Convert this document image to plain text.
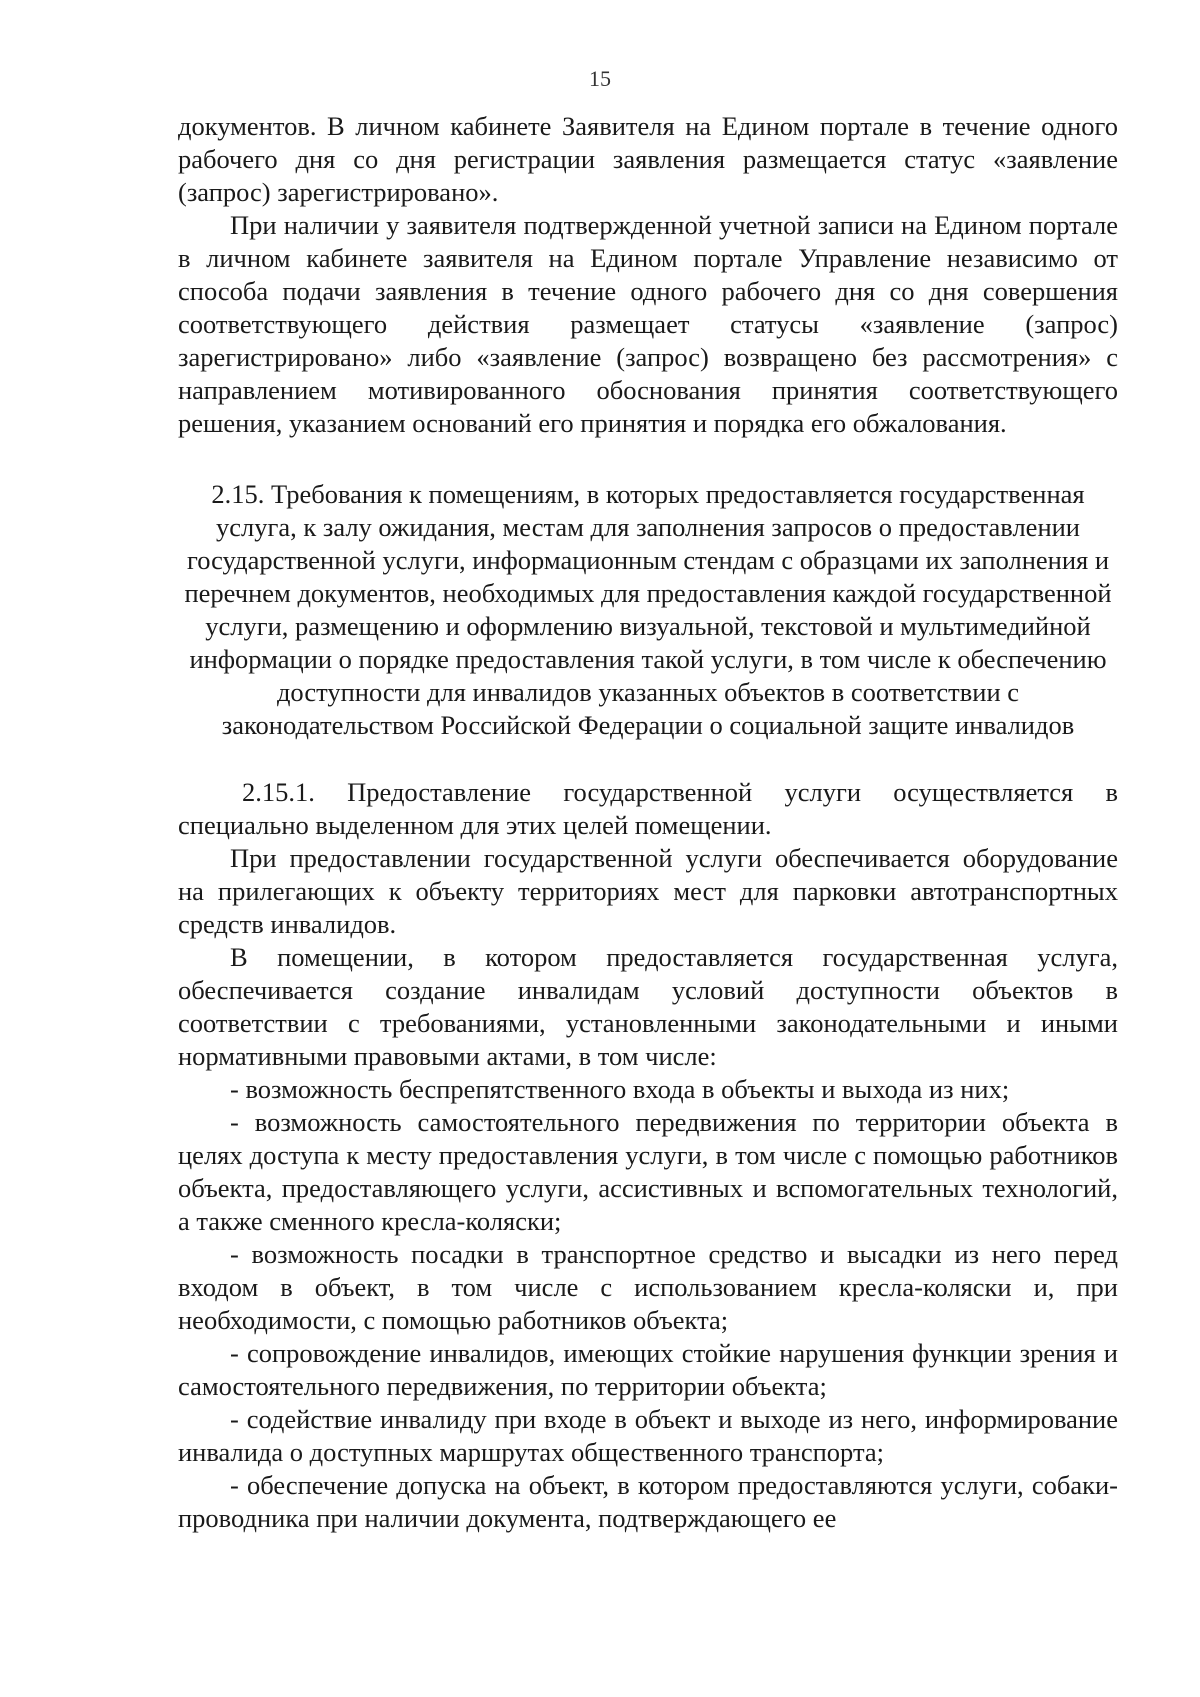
15

документов. В личном кабинете Заявителя на Едином портале в течение одного рабочего дня со дня регистрации заявления размещается статус «заявление (запрос) зарегистрировано».

При наличии у заявителя подтвержденной учетной записи на Едином портале в личном кабинете заявителя на Едином портале Управление независимо от способа подачи заявления в течение одного рабочего дня со дня совершения соответствующего действия размещает статусы «заявление (запрос) зарегистрировано» либо «заявление (запрос) возвращено без рассмотрения» с направлением мотивированного обоснования принятия соответствующего решения, указанием оснований его принятия и порядка его обжалования.

2.15. Требования к помещениям, в которых предоставляется государственная услуга, к залу ожидания, местам для заполнения запросов о предоставлении государственной услуги, информационным стендам с образцами их заполнения и перечнем документов, необходимых для предоставления каждой государственной услуги, размещению и оформлению визуальной, текстовой и мультимедийной информации о порядке предоставления такой услуги, в том числе к обеспечению доступности для инвалидов указанных объектов в соответствии с законодательством Российской Федерации о социальной защите инвалидов

2.15.1. Предоставление государственной услуги осуществляется в специально выделенном для этих целей помещении.

При предоставлении государственной услуги обеспечивается оборудование на прилегающих к объекту территориях мест для парковки автотранспортных средств инвалидов.

В помещении, в котором предоставляется государственная услуга, обеспечивается создание инвалидам условий доступности объектов в соответствии с требованиями, установленными законодательными и иными нормативными правовыми актами, в том числе:

- возможность беспрепятственного входа в объекты и выхода из них;

- возможность самостоятельного передвижения по территории объекта в целях доступа к месту предоставления услуги, в том числе с помощью работников объекта, предоставляющего услуги, ассистивных и вспомогательных технологий, а также сменного кресла-коляски;

- возможность посадки в транспортное средство и высадки из него перед входом в объект, в том числе с использованием кресла-коляски и, при необходимости, с помощью работников объекта;

- сопровождение инвалидов, имеющих стойкие нарушения функции зрения и самостоятельного передвижения, по территории объекта;

- содействие инвалиду при входе в объект и выходе из него, информирование инвалида о доступных маршрутах общественного транспорта;

- обеспечение допуска на объект, в котором предоставляются услуги, собаки-проводника при наличии документа, подтверждающего ее
